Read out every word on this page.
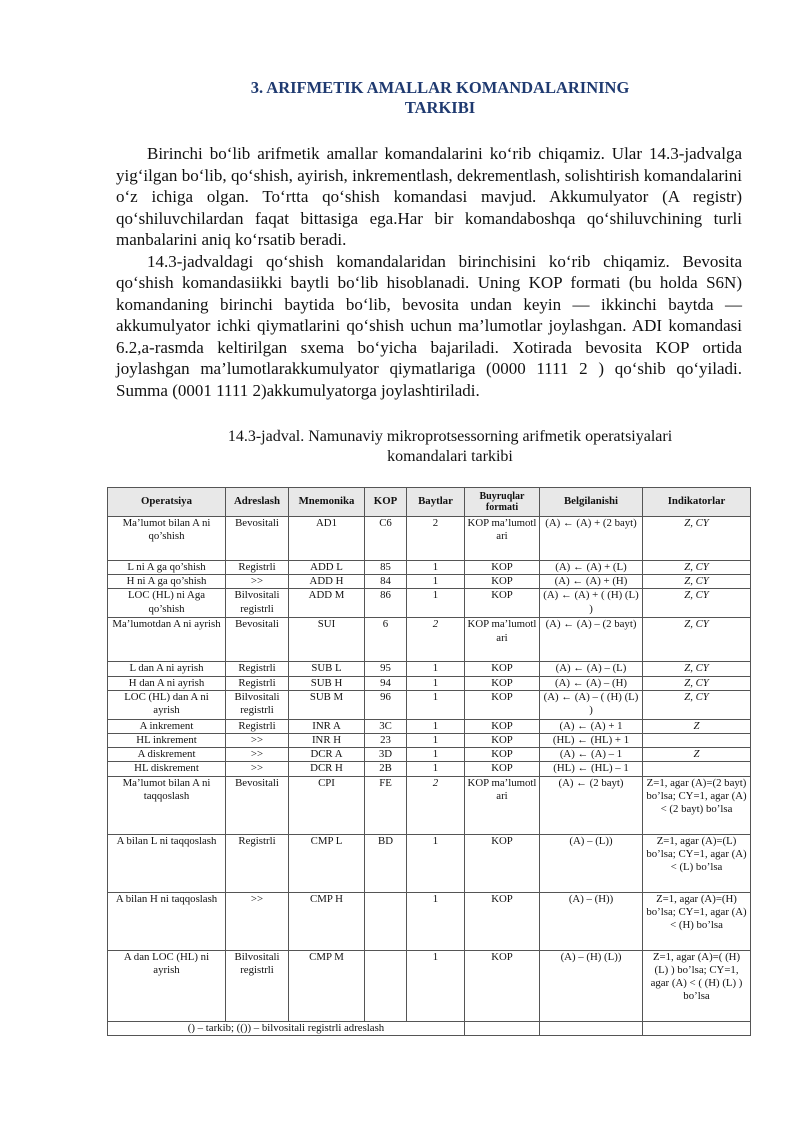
3. ARIFMETIK AMALLAR KOMANDALARINING
TARKIBI

Birinchi bo‘lib arifmetik amallar komandalarini ko‘rib chiqamiz. Ular 14.3-jadvalga yig‘ilgan bo‘lib, qo‘shish, ayirish, inkrementlash, dekrementlash, solishtirish komandalarini o‘z ichiga olgan. To‘rtta qo‘shish komandasi mavjud. Akkumulyator (A registr) qo‘shiluvchilardan faqat bittasiga ega.Har bir komandaboshqa qo‘shiluvchining turli manbalarini aniq ko‘rsatib beradi.

14.3-jadvaldagi qo‘shish komandalaridan birinchisini ko‘rib chiqamiz. Bevosita qo‘shish komandasiikki baytli bo‘lib hisoblanadi. Uning KOP formati (bu holda S6N) komandaning birinchi baytida bo‘lib, bevosita undan keyin — ikkinchi baytda —akkumulyator ichki qiymatlarini qo‘shish uchun ma’lumotlar joylashgan. ADI komandasi 6.2,a-rasmda keltirilgan sxema bo‘yicha bajariladi. Xotirada bevosita KOP ortida joylashgan ma’lumotlarakkumulyator qiymatlariga (0000 1111 2 ) qo‘shib qo‘yiladi. Summa (0001 1111 2)akkumulyatorga joylashtiriladi.

14.3-jadval. Namunaviy mikroprotsessorning arifmetik operatsiyalari
komandalari tarkibi
Operatsiya	Adreslash	Mnemonika	KOP	Baytlar	Buyruqlar formati	Belgilanishi	Indikatorlar
Ma’lumot bilan A ni qo’shish	Bevositali	AD1	C6	2	KOP ma’lumotl ari	(A) ← (A) + (2 bayt)	Z, CY
L ni A ga qo’shish	Registrli	ADD L	85	1	KOP	(A) ← (A) + (L)	Z, CY
H ni A ga qo’shish	>>	ADD H	84	1	KOP	(A) ← (A) + (H)	Z, CY
LOC (HL) ni Aga qo’shish	Bilvositali registrli	ADD M	86	1	KOP	(A) ← (A) + ( (H) (L) )	Z, CY
Ma’lumotdan A ni ayrish	Bevositali	SUI	6	2	KOP ma’lumotl ari	(A) ← (A) – (2 bayt)	Z, CY
L dan A ni ayrish	Registrli	SUB L	95	1	KOP	(A) ← (A) – (L)	Z, CY
H dan A ni ayrish	Registrli	SUB H	94	1	KOP	(A) ← (A) – (H)	Z, CY
LOC (HL) dan A ni ayrish	Bilvositali registrli	SUB M	96	1	KOP	(A) ← (A) – ( (H) (L) )	Z, CY
A inkrement	Registrli	INR A	3C	1	KOP	(A) ← (A) + 1	Z
HL inkrement	>>	INR H	23	1	KOP	(HL) ← (HL) + 1	
A diskrement	>>	DCR A	3D	1	KOP	(A) ← (A) – 1	Z
HL diskrement	>>	DCR H	2B	1	KOP	(HL) ← (HL) – 1	
Ma’lumot bilan A ni taqqoslash	Bevositali	CPI	FE	2	KOP ma’lumotl ari	(A) ← (2 bayt)	Z=1, agar (A)=(2 bayt) bo’lsa; CY=1, agar (A) < (2 bayt) bo’lsa
A bilan L ni taqqoslash	Registrli	CMP L	BD	1	KOP	(A) – (L))	Z=1, agar (A)=(L) bo’lsa; CY=1, agar (A) < (L) bo’lsa
A bilan H ni taqqoslash	>>	CMP H		1	KOP	(A) – (H))	Z=1, agar (A)=(H) bo’lsa; CY=1, agar (A) < (H) bo’lsa
A dan LOC (HL) ni ayrish	Bilvositali registrli	CMP M		1	KOP	(A) – (H) (L))	Z=1, agar (A)=( (H) (L) ) bo’lsa; CY=1, agar (A) < ( (H) (L) ) bo’lsa
() – tarkib; (()) – bilvositali registrli adreslash							
